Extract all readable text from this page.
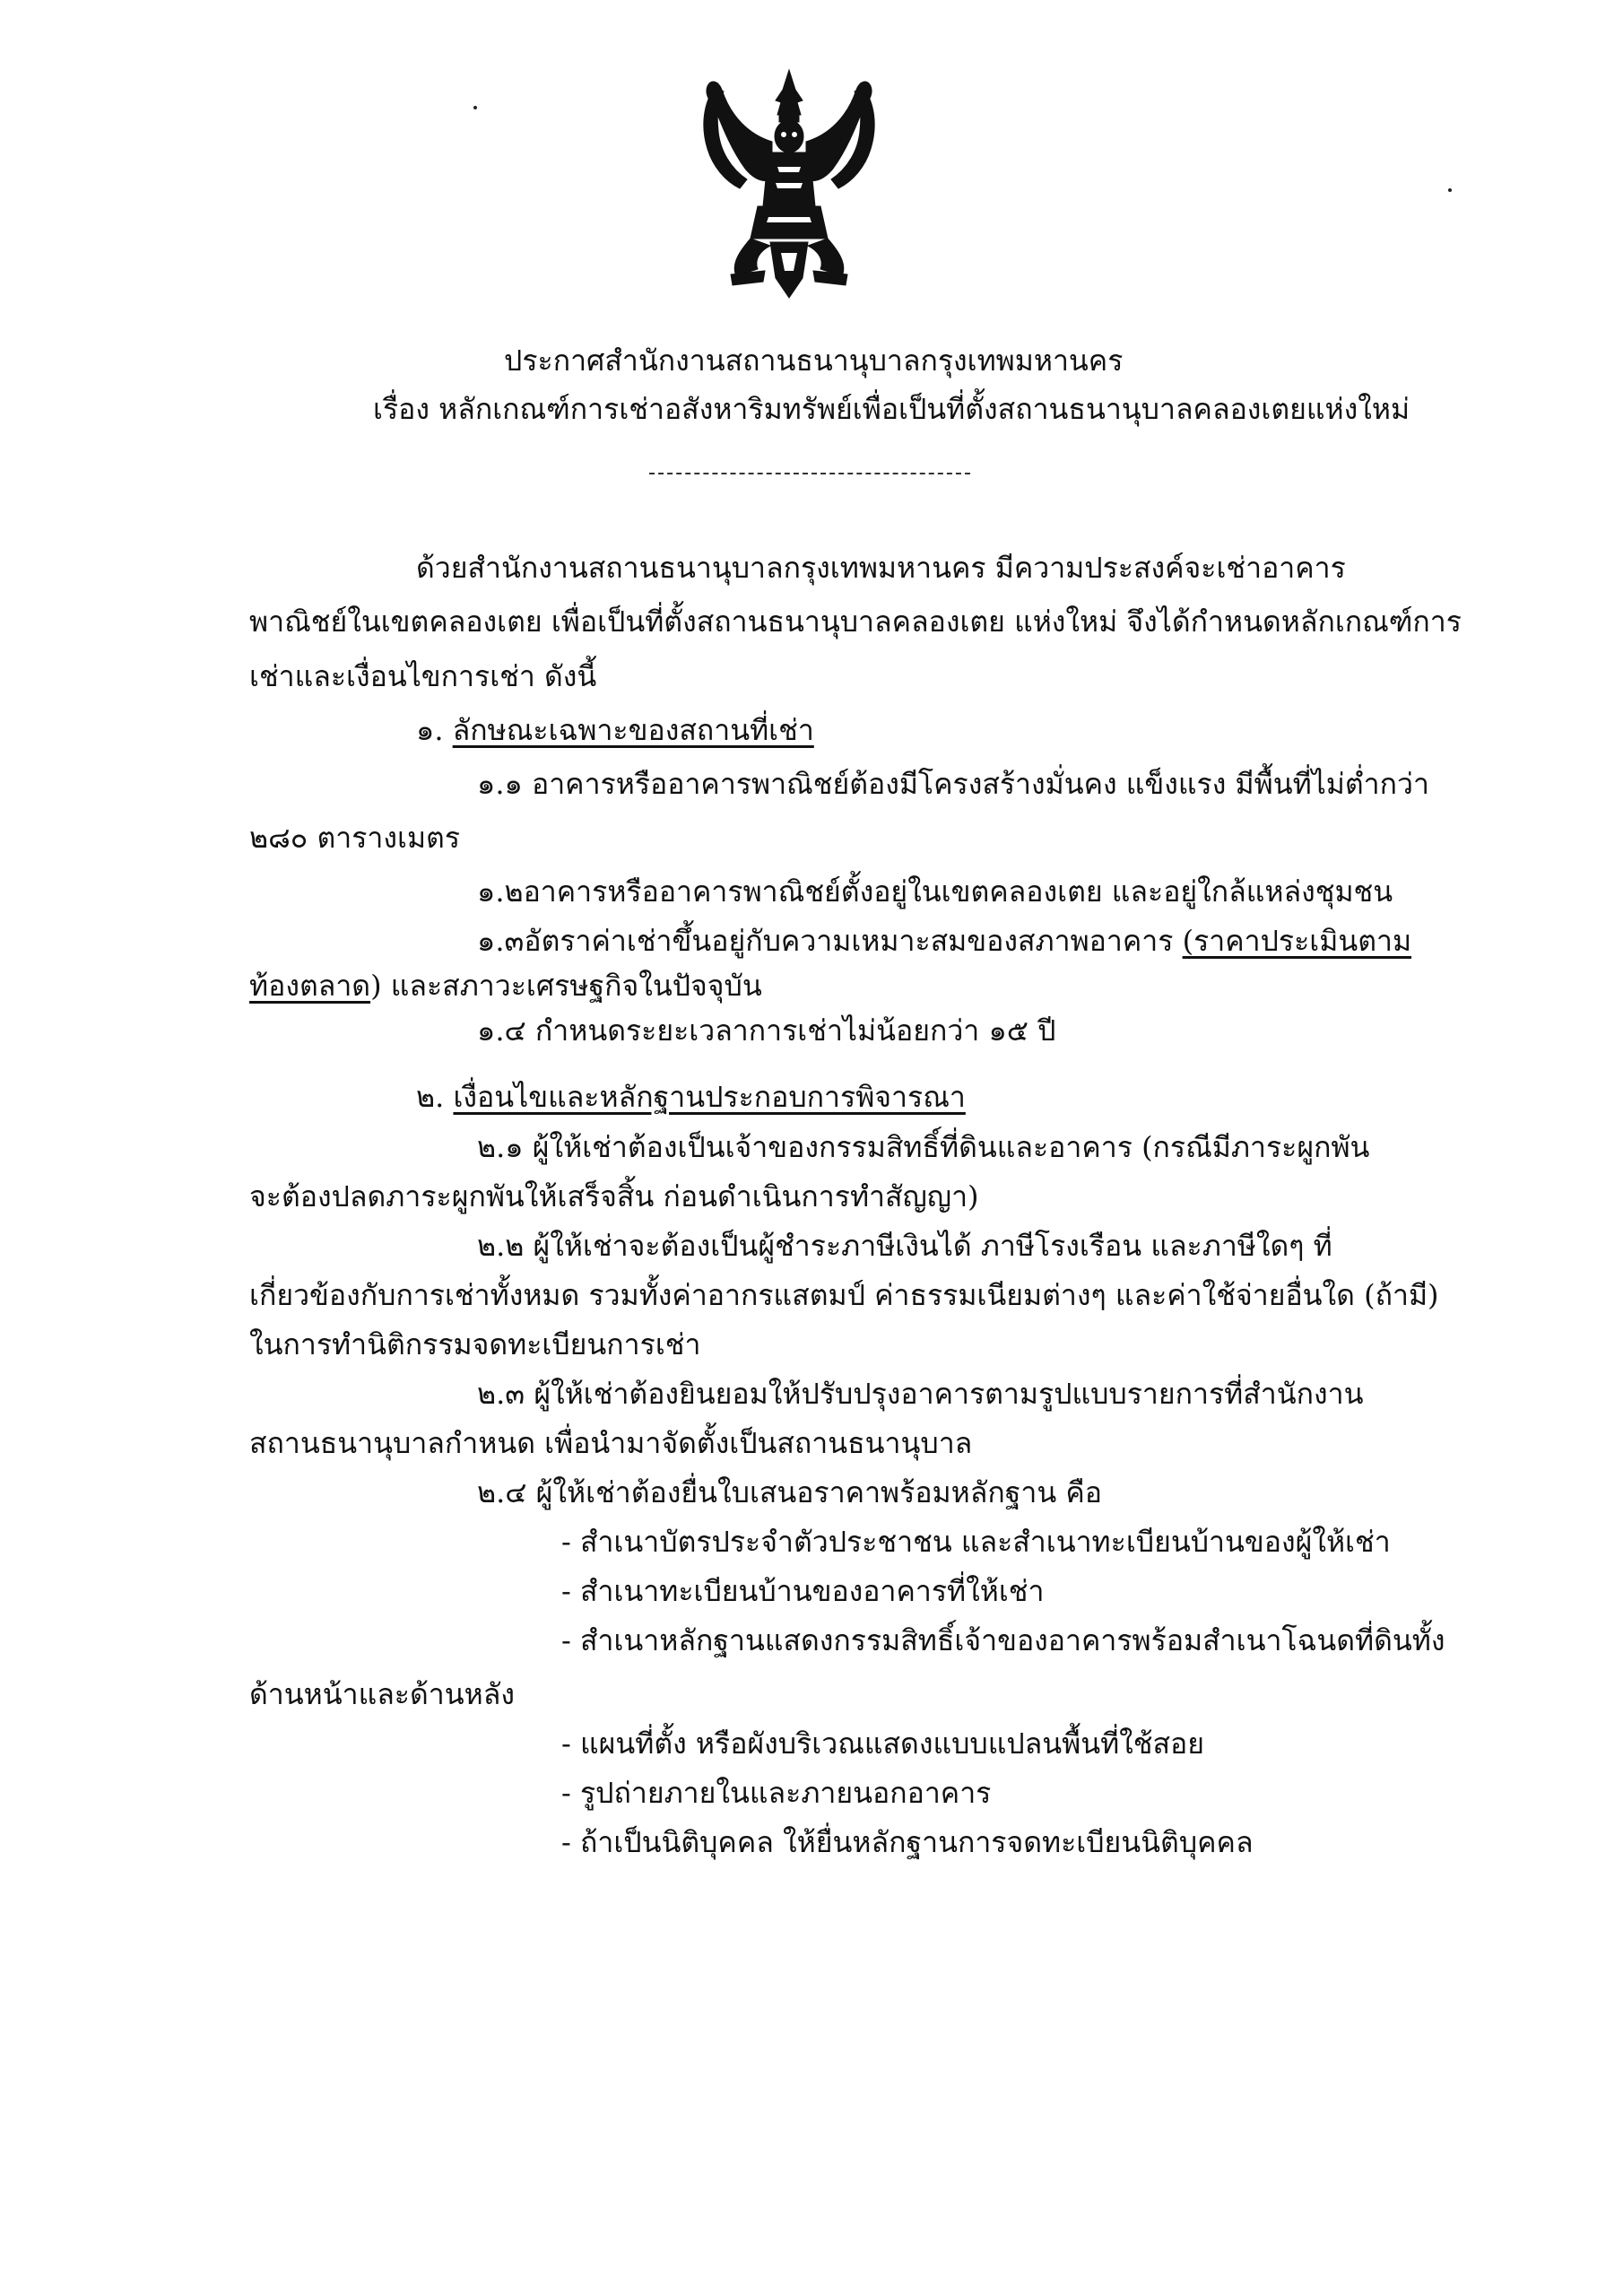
ประกาศสำนักงานสถานธนานุบาลกรุงเทพมหานคร
เรื่อง หลักเกณฑ์การเช่าอสังหาริมทรัพย์เพื่อเป็นที่ตั้งสถานธนานุบาลคลองเตยแห่งใหม่
ด้วยสำนักงานสถานธนานุบาลกรุงเทพมหานคร มีความประสงค์จะเช่าอาคาร
พาณิชย์ในเขตคลองเตย เพื่อเป็นที่ตั้งสถานธนานุบาลคลองเตย แห่งใหม่ จึงได้กำหนดหลักเกณฑ์การ
เช่าและเงื่อนไขการเช่า ดังนี้
๑. ลักษณะเฉพาะของสถานที่เช่า
๑.๑ อาคารหรืออาคารพาณิชย์ต้องมีโครงสร้างมั่นคง แข็งแรง มีพื้นที่ไม่ต่ำกว่า
๒๘๐ ตารางเมตร
๑.๒อาคารหรืออาคารพาณิชย์ตั้งอยู่ในเขตคลองเตย และอยู่ใกล้แหล่งชุมชน
๑.๓อัตราค่าเช่าขึ้นอยู่กับความเหมาะสมของสภาพอาคาร (ราคาประเมินตาม
ท้องตลาด) และสภาวะเศรษฐกิจในปัจจุบัน
๑.๔ กำหนดระยะเวลาการเช่าไม่น้อยกว่า ๑๕ ปี
๒. เงื่อนไขและหลักฐานประกอบการพิจารณา
๒.๑ ผู้ให้เช่าต้องเป็นเจ้าของกรรมสิทธิ์ที่ดินและอาคาร (กรณีมีภาระผูกพัน
จะต้องปลดภาระผูกพันให้เสร็จสิ้น ก่อนดำเนินการทำสัญญา)
๒.๒ ผู้ให้เช่าจะต้องเป็นผู้ชำระภาษีเงินได้ ภาษีโรงเรือน และภาษีใดๆ ที่
เกี่ยวข้องกับการเช่าทั้งหมด รวมทั้งค่าอากรแสตมป์ ค่าธรรมเนียมต่างๆ และค่าใช้จ่ายอื่นใด (ถ้ามี)
ในการทำนิติกรรมจดทะเบียนการเช่า
๒.๓ ผู้ให้เช่าต้องยินยอมให้ปรับปรุงอาคารตามรูปแบบรายการที่สำนักงาน
สถานธนานุบาลกำหนด เพื่อนำมาจัดตั้งเป็นสถานธนานุบาล
๒.๔ ผู้ให้เช่าต้องยื่นใบเสนอราคาพร้อมหลักฐาน คือ
- สำเนาบัตรประจำตัวประชาชน และสำเนาทะเบียนบ้านของผู้ให้เช่า
- สำเนาทะเบียนบ้านของอาคารที่ให้เช่า
- สำเนาหลักฐานแสดงกรรมสิทธิ์เจ้าของอาคารพร้อมสำเนาโฉนดที่ดินทั้ง
ด้านหน้าและด้านหลัง
- แผนที่ตั้ง หรือผังบริเวณแสดงแบบแปลนพื้นที่ใช้สอย
- รูปถ่ายภายในและภายนอกอาคาร
- ถ้าเป็นนิติบุคคล ให้ยื่นหลักฐานการจดทะเบียนนิติบุคคล
